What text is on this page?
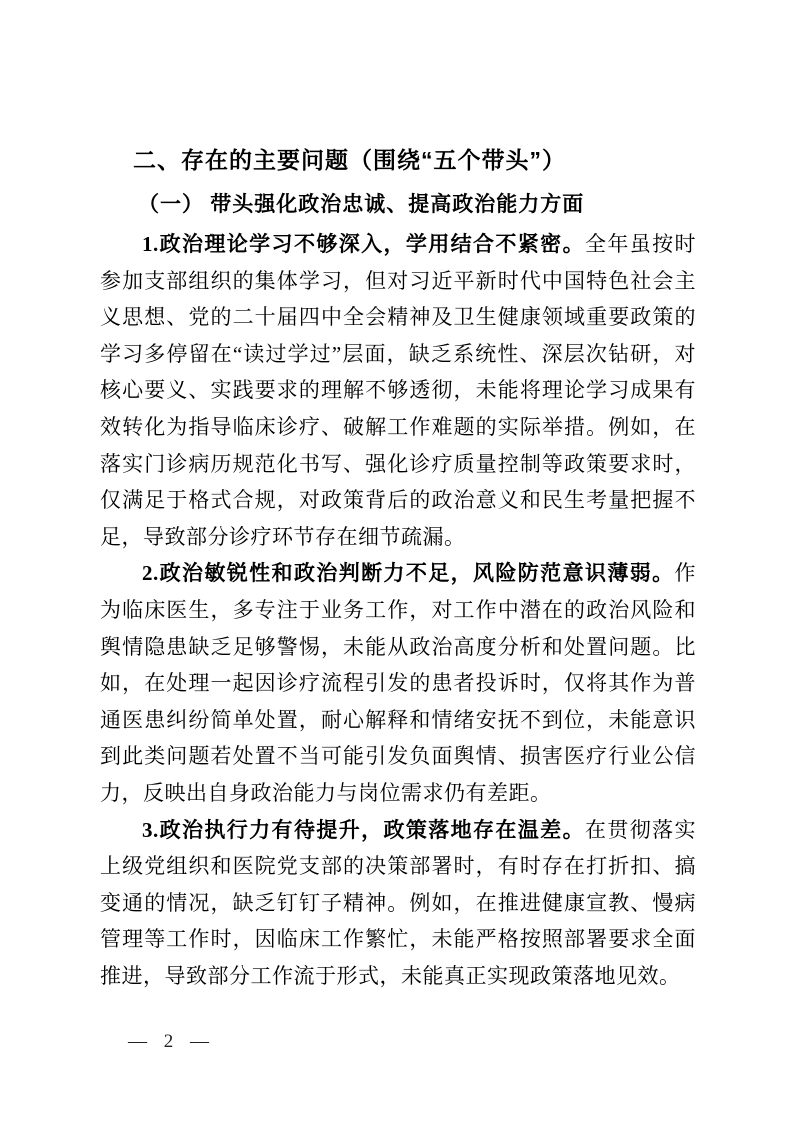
二、存在的主要问题（围绕“五个带头”）
（一） 带头强化政治忠诚、提高政治能力方面

1.政治理论学习不够深入，学用结合不紧密。全年虽按时参加支部组织的集体学习，但对习近平新时代中国特色社会主义思想、党的二十届四中全会精神及卫生健康领域重要政策的学习多停留在“读过学过”层面，缺乏系统性、深层次钻研，对核心要义、实践要求的理解不够透彻，未能将理论学习成果有效转化为指导临床诊疗、破解工作难题的实际举措。例如，在落实门诊病历规范化书写、强化诊疗质量控制等政策要求时，仅满足于格式合规，对政策背后的政治意义和民生考量把握不足，导致部分诊疗环节存在细节疏漏。

2.政治敏锐性和政治判断力不足，风险防范意识薄弱。作为临床医生，多专注于业务工作，对工作中潜在的政治风险和舆情隐患缺乏足够警惕，未能从政治高度分析和处置问题。比如，在处理一起因诊疗流程引发的患者投诉时，仅将其作为普通医患纠纷简单处置，耐心解释和情绪安抚不到位，未能意识到此类问题若处置不当可能引发负面舆情、损害医疗行业公信力，反映出自身政治能力与岗位需求仍有差距。

3.政治执行力有待提升，政策落地存在温差。在贯彻落实上级党组织和医院党支部的决策部署时，有时存在打折扣、搞变通的情况，缺乏钉钉子精神。例如，在推进健康宣教、慢病管理等工作时，因临床工作繁忙，未能严格按照部署要求全面推进，导致部分工作流于形式，未能真正实现政策落地见效。

— 2 —
